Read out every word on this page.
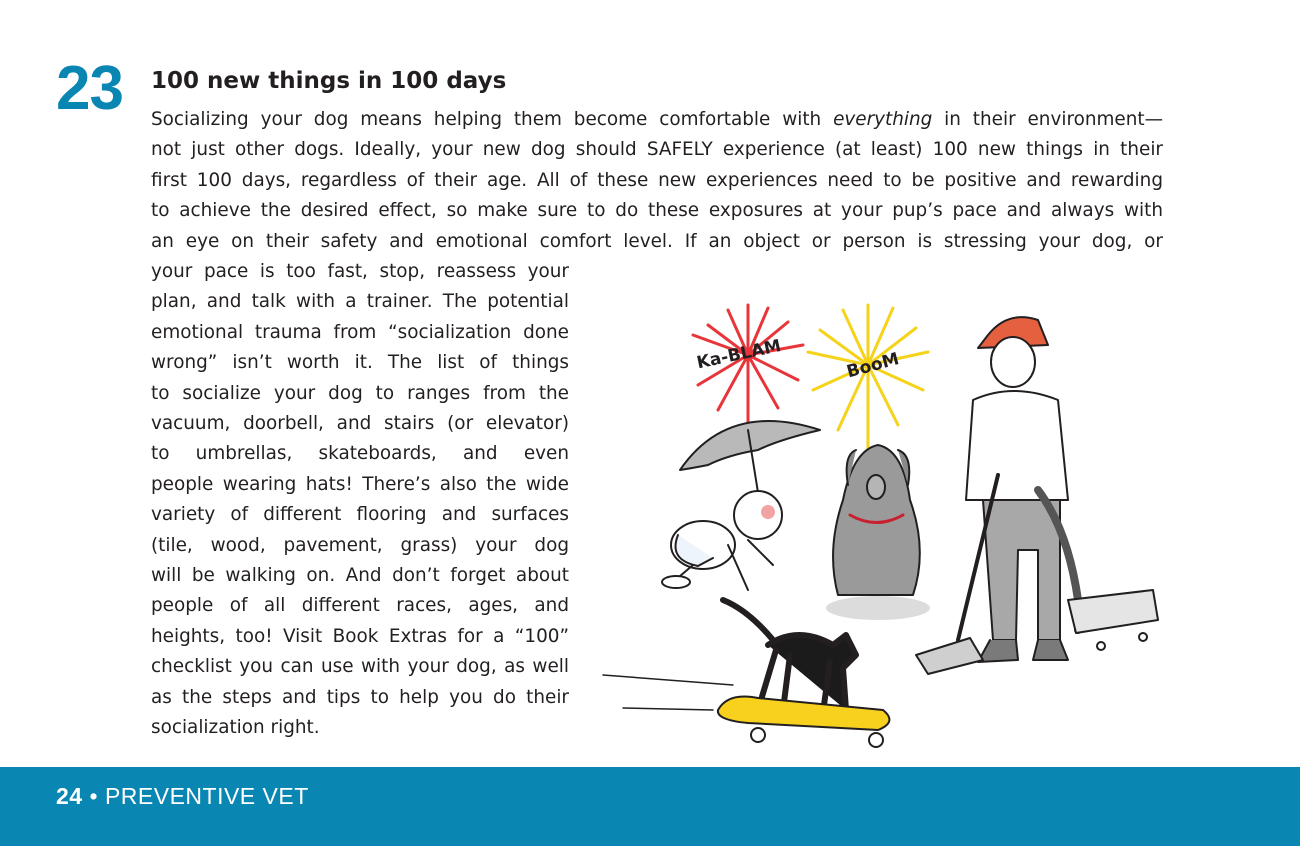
23 100 new things in 100 days
Socializing your dog means helping them become comfortable with everything in their environment—
not just other dogs. Ideally, your new dog should SAFELY experience (at least) 100 new things in their
first 100 days, regardless of their age. All of these new experiences need to be positive and rewarding
to achieve the desired effect, so make sure to do these exposures at your pup’s pace and always with
an eye on their safety and emotional comfort level. If an object or person is stressing your dog, or
your pace is too fast, stop, reassess your
plan, and talk with a trainer. The potential
emotional trauma from “socialization done
wrong” isn’t worth it. The list of things
to socialize your dog to ranges from the
vacuum, doorbell, and stairs (or elevator)
to umbrellas, skateboards, and even
people wearing hats! There’s also the wide
variety of different flooring and surfaces
(tile, wood, pavement, grass) your dog
will be walking on. And don’t forget about
people of all different races, ages, and
heights, too! Visit Book Extras for a “100”
checklist you can use with your dog, as well
as the steps and tips to help you do their
socialization right.
Ka-BLAM	BooM
24 • PREVENTIVE VET
